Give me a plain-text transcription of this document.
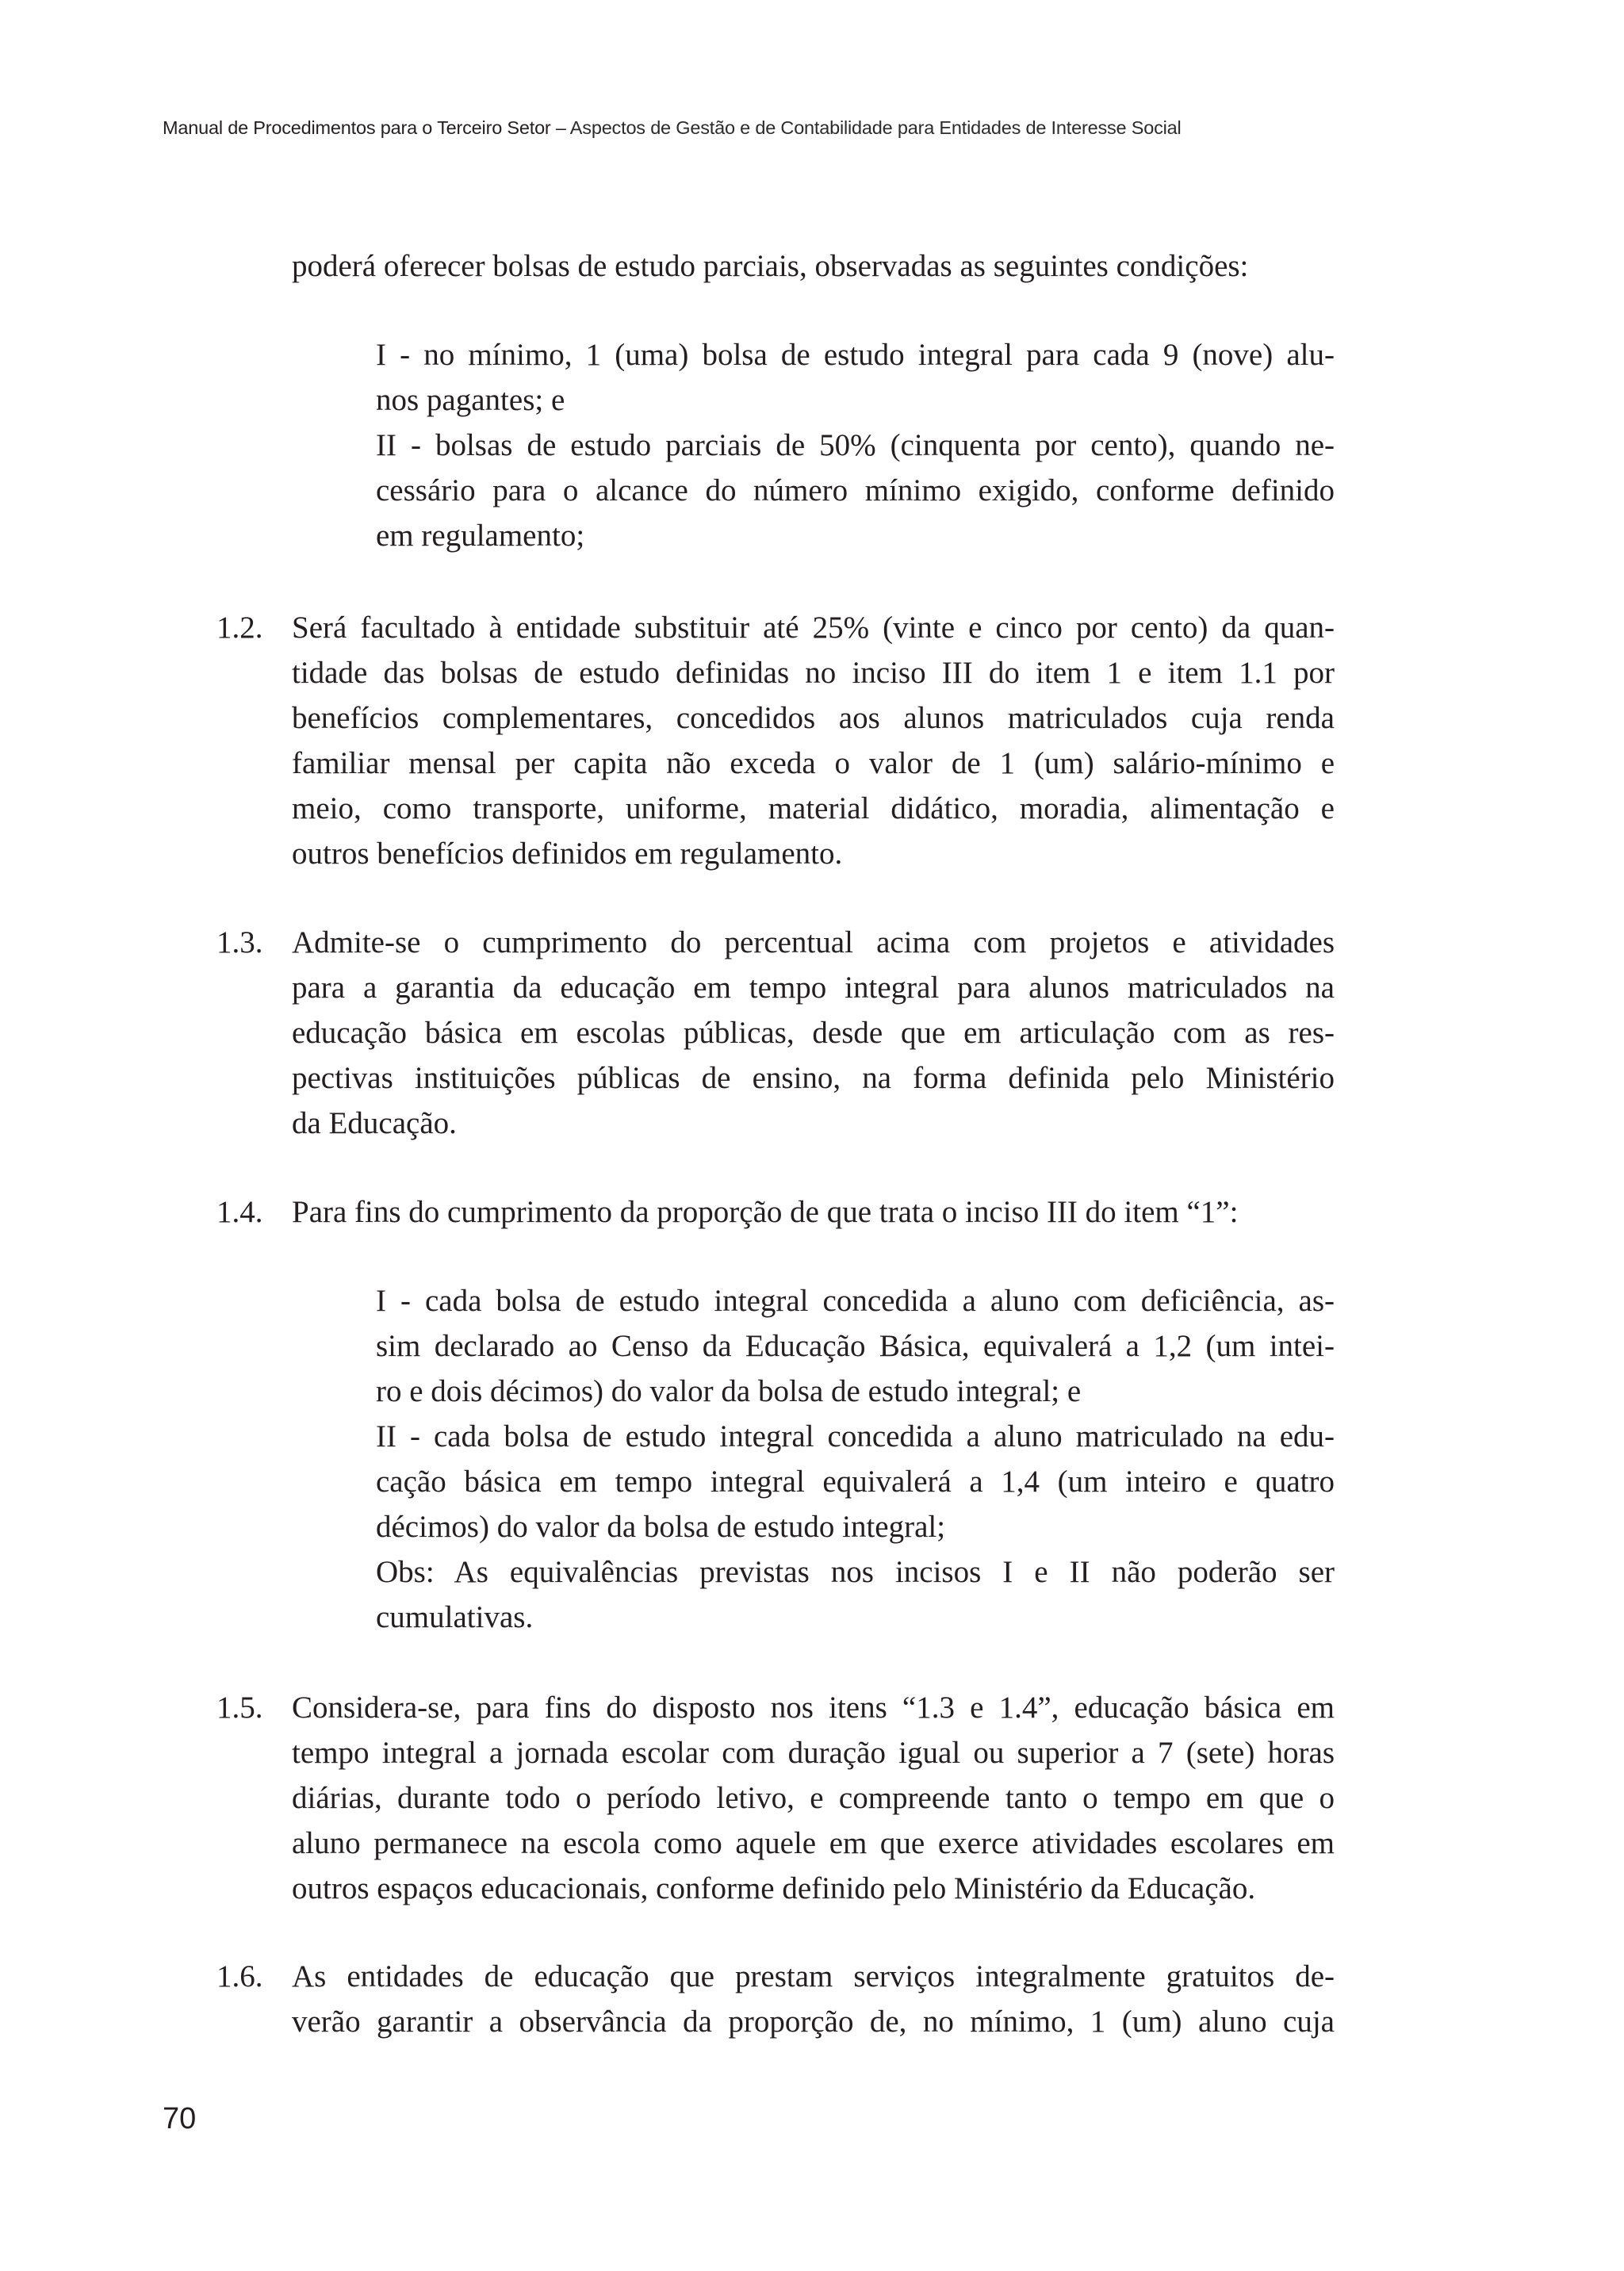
Manual de Procedimentos para o Terceiro Setor – Aspectos de Gestão e de Contabilidade para Entidades de Interesse Social
poderá oferecer bolsas de estudo parciais, observadas as seguintes condições:
I - no mínimo, 1 (uma) bolsa de estudo integral para cada 9 (nove) alu-
nos pagantes; e
II - bolsas de estudo parciais de 50% (cinquenta por cento), quando ne-
cessário para o alcance do número mínimo exigido, conforme definido
em regulamento;
1.2. Será facultado à entidade substituir até 25% (vinte e cinco por cento) da quan-
tidade das bolsas de estudo definidas no inciso III do item 1 e item 1.1 por
benefícios complementares, concedidos aos alunos matriculados cuja renda
familiar mensal per capita não exceda o valor de 1 (um) salário-mínimo e
meio, como transporte, uniforme, material didático, moradia, alimentação e
outros benefícios definidos em regulamento.
1.3. Admite-se o cumprimento do percentual acima com projetos e atividades
para a garantia da educação em tempo integral para alunos matriculados na
educação básica em escolas públicas, desde que em articulação com as res-
pectivas instituições públicas de ensino, na forma definida pelo Ministério
da Educação.
1.4. Para fins do cumprimento da proporção de que trata o inciso III do item “1”:
I - cada bolsa de estudo integral concedida a aluno com deficiência, as-
sim declarado ao Censo da Educação Básica, equivalerá a 1,2 (um intei-
ro e dois décimos) do valor da bolsa de estudo integral; e
II - cada bolsa de estudo integral concedida a aluno matriculado na edu-
cação básica em tempo integral equivalerá a 1,4 (um inteiro e quatro
décimos) do valor da bolsa de estudo integral;
Obs: As equivalências previstas nos incisos I e II não poderão ser
cumulativas.
1.5. Considera-se, para fins do disposto nos itens “1.3 e 1.4”, educação básica em
tempo integral a jornada escolar com duração igual ou superior a 7 (sete) horas
diárias, durante todo o período letivo, e compreende tanto o tempo em que o
aluno permanece na escola como aquele em que exerce atividades escolares em
outros espaços educacionais, conforme definido pelo Ministério da Educação.
1.6. As entidades de educação que prestam serviços integralmente gratuitos de-
verão garantir a observância da proporção de, no mínimo, 1 (um) aluno cuja
70
